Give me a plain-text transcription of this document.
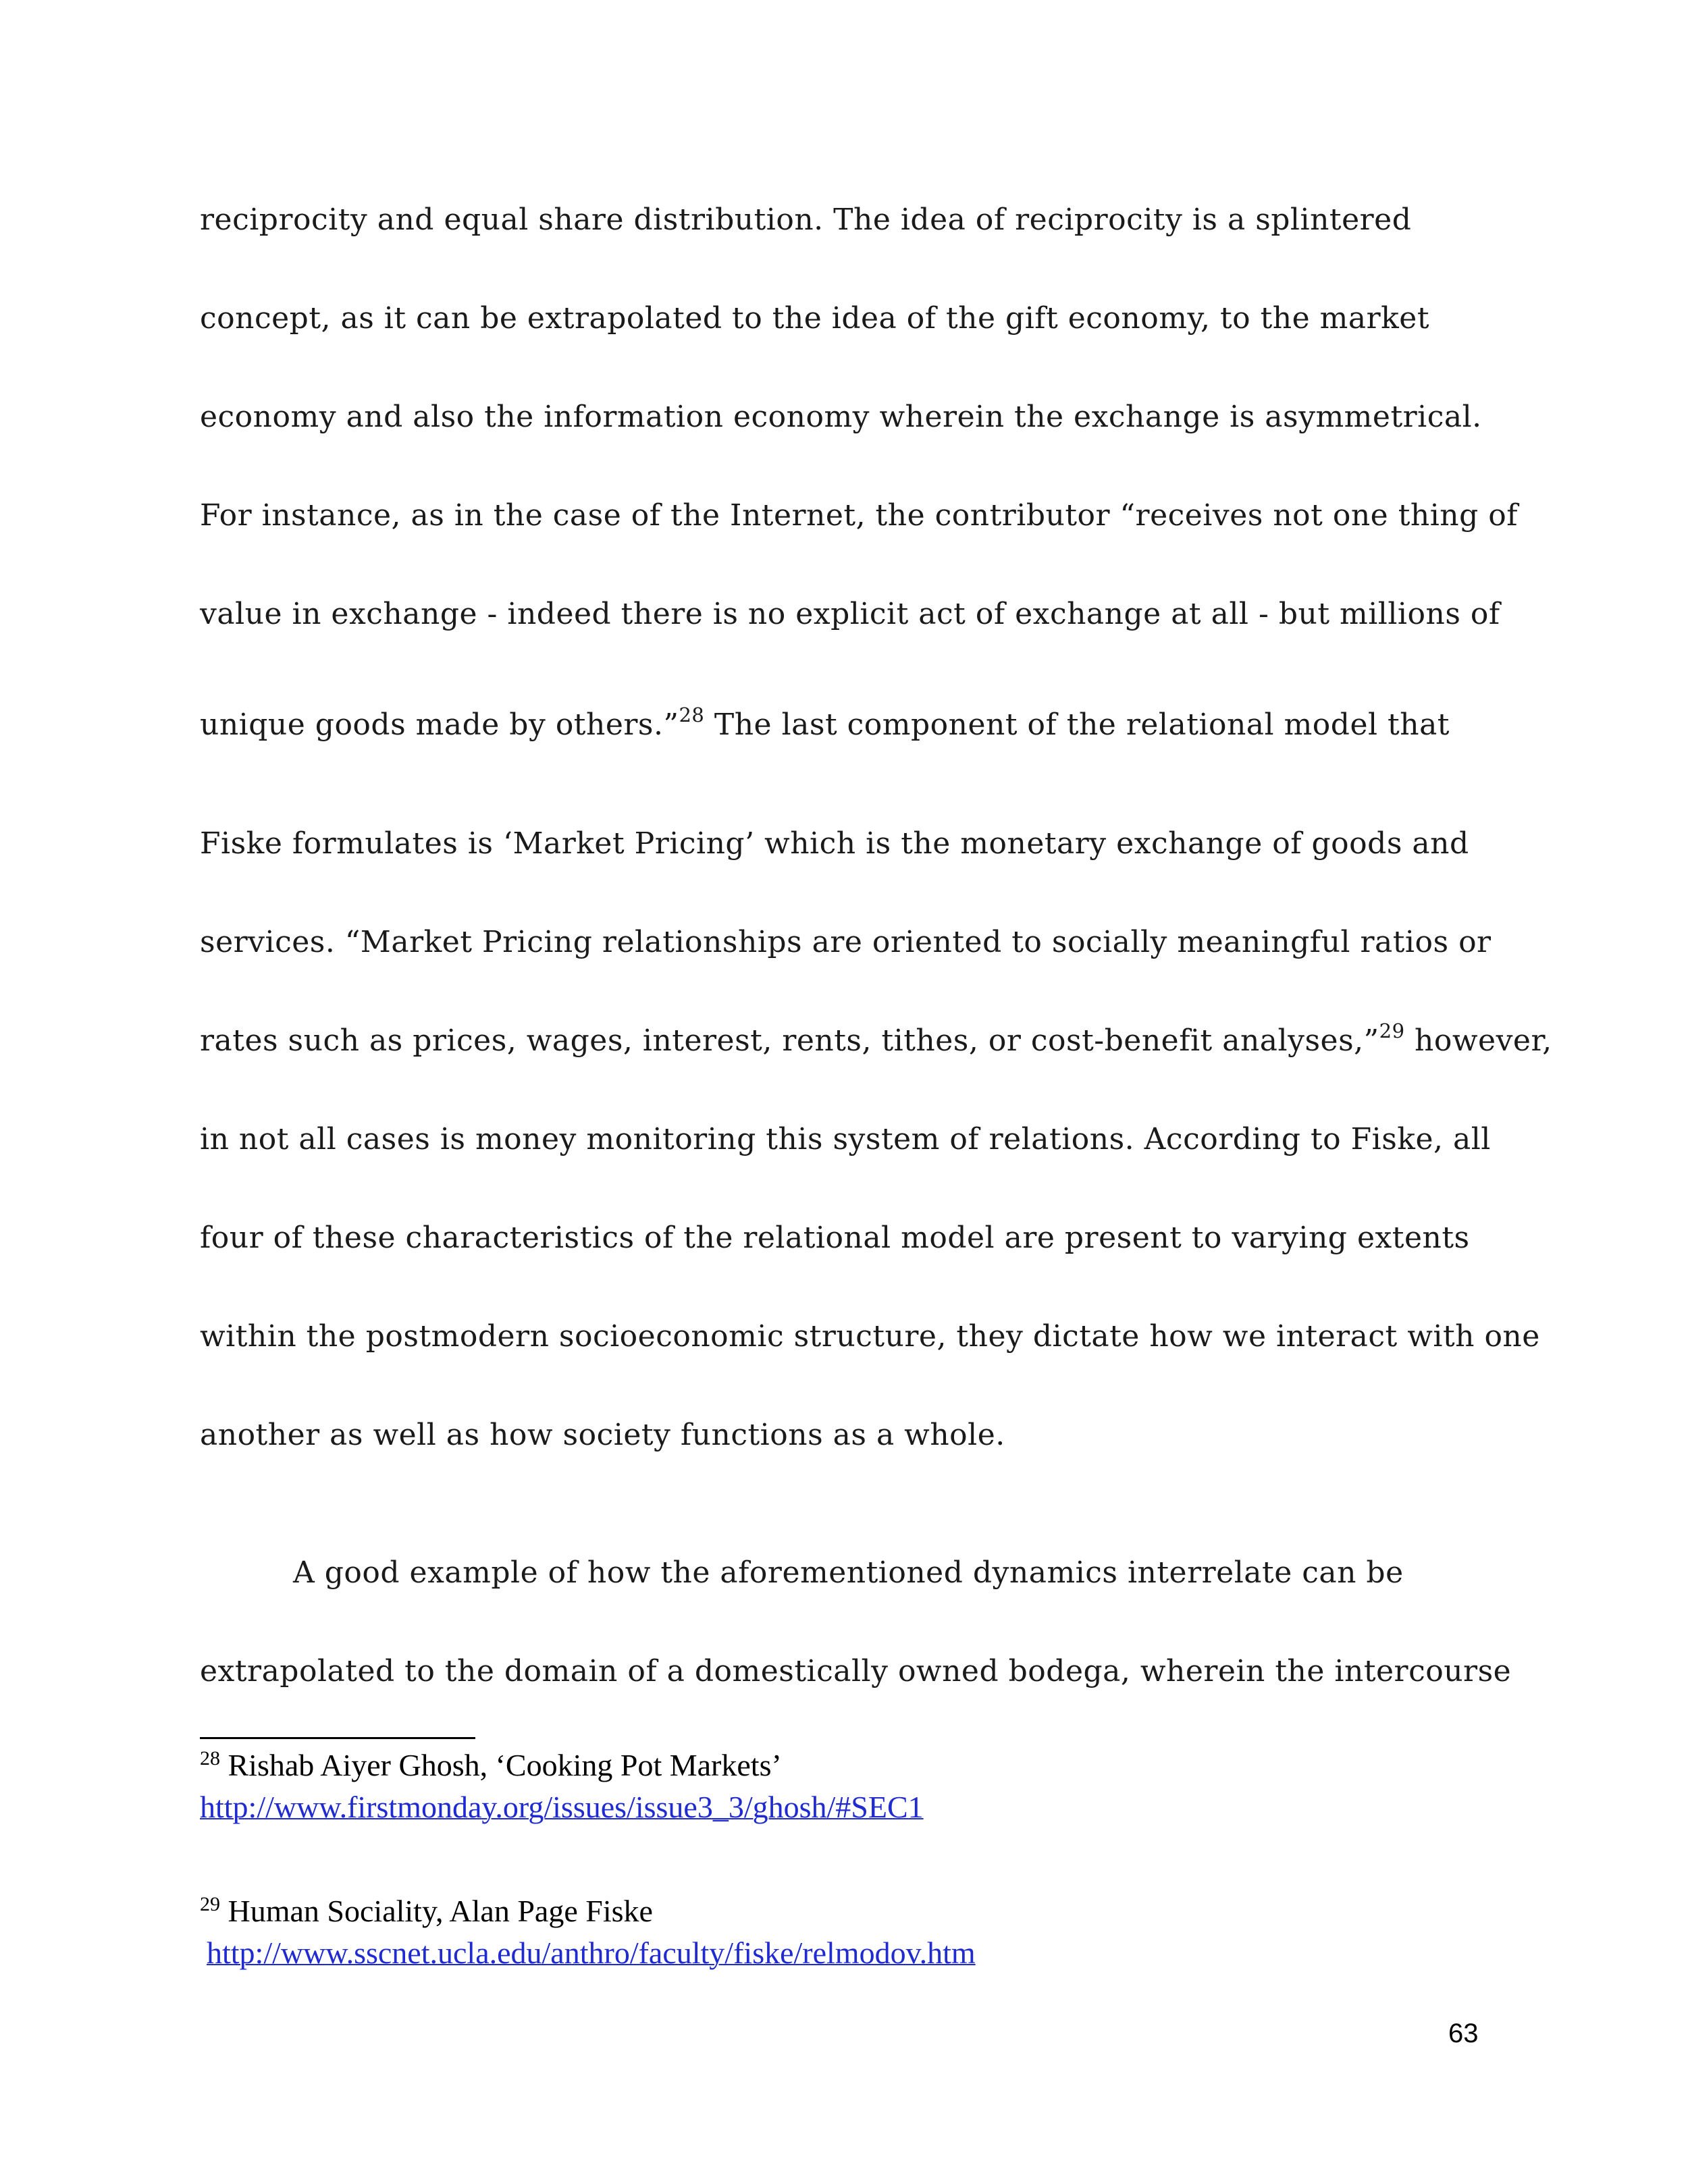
reciprocity and equal share distribution. The idea of reciprocity is a splintered
concept, as it can be extrapolated to the idea of the gift economy, to the market
economy and also the information economy wherein the exchange is asymmetrical.
For instance, as in the case of the Internet, the contributor “receives not one thing of
value in exchange - indeed there is no explicit act of exchange at all - but millions of
unique goods made by others.”$^{28}$ The last component of the relational model that
Fiske formulates is ‘Market Pricing’ which is the monetary exchange of goods and
services. “Market Pricing relationships are oriented to socially meaningful ratios or
rates such as prices, wages, interest, rents, tithes, or cost-benefit analyses,”$^{29}$ however,
in not all cases is money monitoring this system of relations. According to Fiske, all
four of these characteristics of the relational model are present to varying extents
within the postmodern socioeconomic structure, they dictate how we interact with one
another as well as how society functions as a whole.
A good example of how the aforementioned dynamics interrelate can be
extrapolated to the domain of a domestically owned bodega, wherein the intercourse
$^{28}$ Rishab Aiyer Ghosh, ‘Cooking Pot Markets’
http://www.firstmonday.org/issues/issue3_3/ghosh/#SEC1
$^{29}$ Human Sociality, Alan Page Fiske
http://www.sscnet.ucla.edu/anthro/faculty/fiske/relmodov.htm
63
